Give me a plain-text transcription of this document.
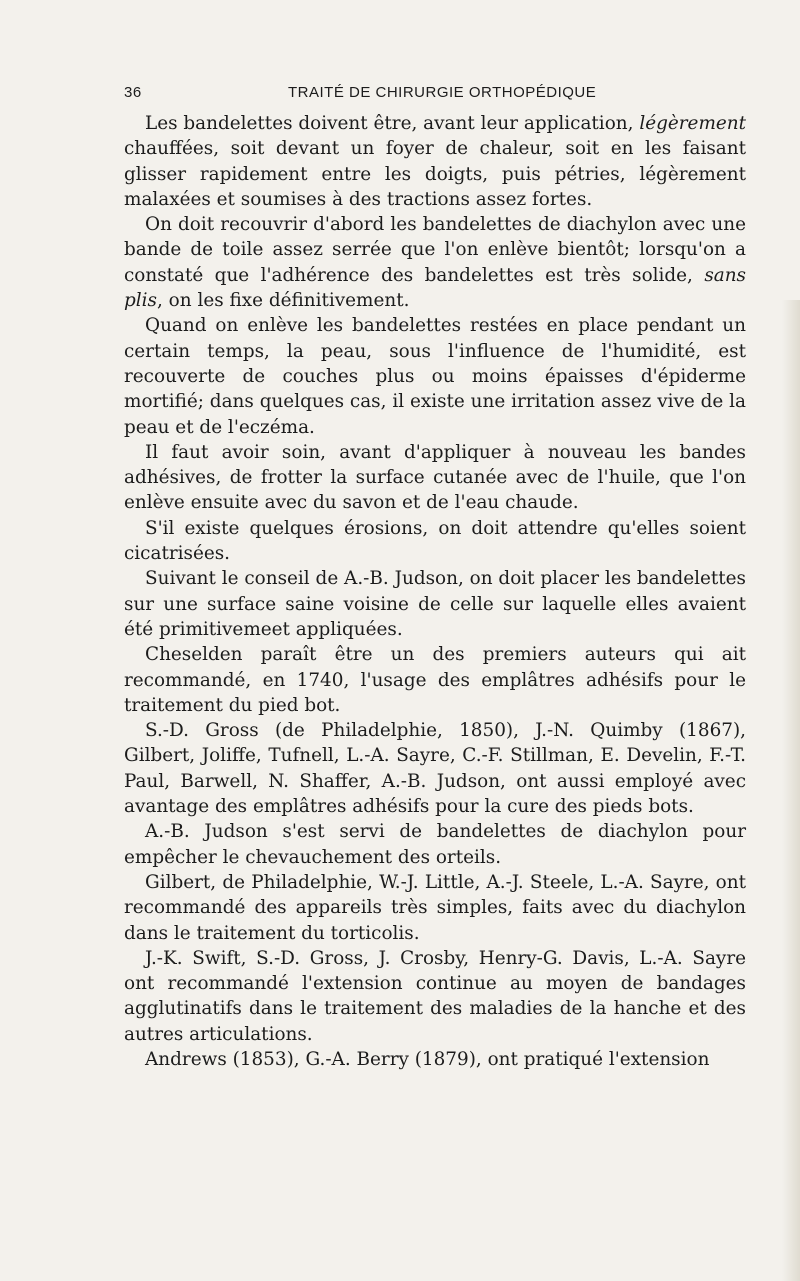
36	TRAITÉ DE CHIRURGIE ORTHOPÉDIQUE

Les bandelettes doivent être, avant leur application, légèrement chauffées, soit devant un foyer de chaleur, soit en les faisant glisser rapidement entre les doigts, puis pétries, légèrement malaxées et soumises à des tractions assez fortes.

On doit recouvrir d'abord les bandelettes de diachylon avec une bande de toile assez serrée que l'on enlève bientôt; lorsqu'on a constaté que l'adhérence des bandelettes est très solide, sans plis, on les fixe définitivement.

Quand on enlève les bandelettes restées en place pendant un certain temps, la peau, sous l'influence de l'humidité, est recouverte de couches plus ou moins épaisses d'épiderme mortifié; dans quelques cas, il existe une irritation assez vive de la peau et de l'eczéma.

Il faut avoir soin, avant d'appliquer à nouveau les bandes adhésives, de frotter la surface cutanée avec de l'huile, que l'on enlève ensuite avec du savon et de l'eau chaude.

S'il existe quelques érosions, on doit attendre qu'elles soient cicatrisées.

Suivant le conseil de A.-B. Judson, on doit placer les bandelettes sur une surface saine voisine de celle sur laquelle elles avaient été primitivemeet appliquées.

Cheselden paraît être un des premiers auteurs qui ait recommandé, en 1740, l'usage des emplâtres adhésifs pour le traitement du pied bot.

S.-D. Gross (de Philadelphie, 1850), J.-N. Quimby (1867), Gilbert, Joliffe, Tufnell, L.-A. Sayre, C.-F. Stillman, E. Develin, F.-T. Paul, Barwell, N. Shaffer, A.-B. Judson, ont aussi employé avec avantage des emplâtres adhésifs pour la cure des pieds bots.

A.-B. Judson s'est servi de bandelettes de diachylon pour empêcher le chevauchement des orteils.

Gilbert, de Philadelphie, W.-J. Little, A.-J. Steele, L.-A. Sayre, ont recommandé des appareils très simples, faits avec du diachylon dans le traitement du torticolis.

J.-K. Swift, S.-D. Gross, J. Crosby, Henry-G. Davis, L.-A. Sayre ont recommandé l'extension continue au moyen de bandages agglutinatifs dans le traitement des maladies de la hanche et des autres articulations.

Andrews (1853), G.-A. Berry (1879), ont pratiqué l'extension
